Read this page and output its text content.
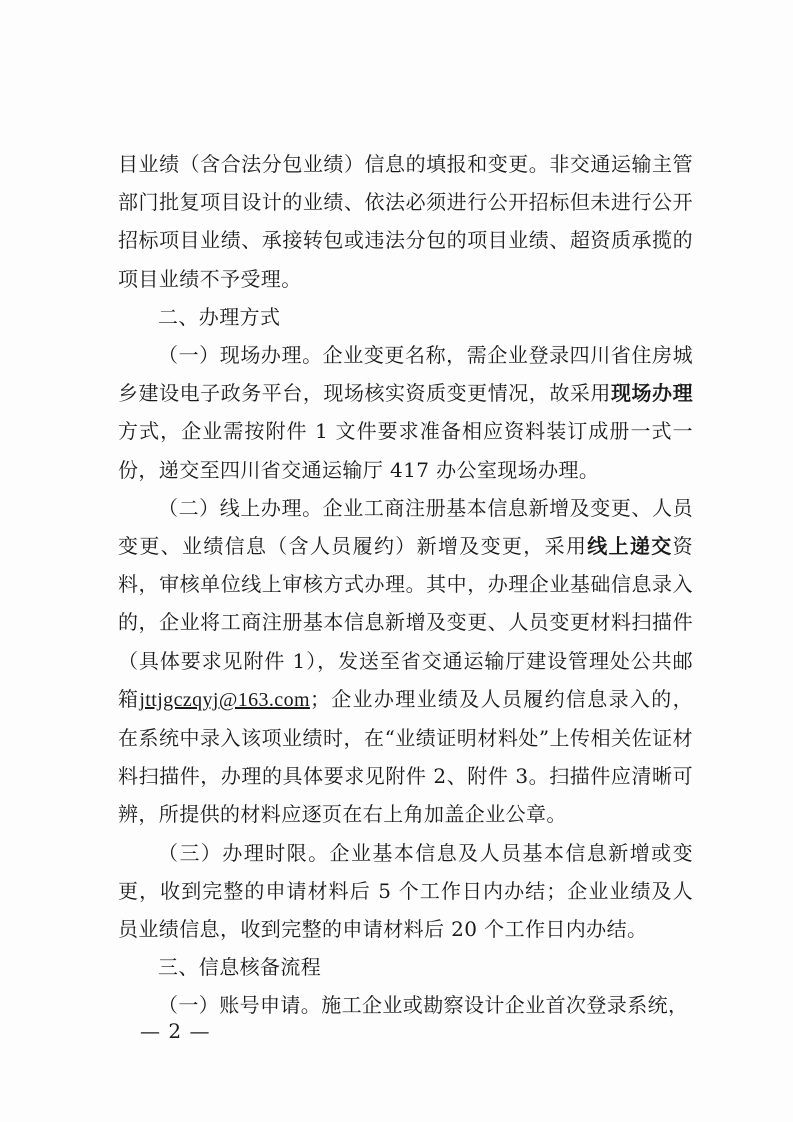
目业绩（含合法分包业绩）信息的填报和变更。非交通运输主管部门批复项目设计的业绩、依法必须进行公开招标但未进行公开招标项目业绩、承接转包或违法分包的项目业绩、超资质承揽的项目业绩不予受理。

二、办理方式

（一）现场办理。企业变更名称，需企业登录四川省住房城乡建设电子政务平台，现场核实资质变更情况，故采用现场办理方式，企业需按附件 1 文件要求准备相应资料装订成册一式一份，递交至四川省交通运输厅 417 办公室现场办理。

（二）线上办理。企业工商注册基本信息新增及变更、人员变更、业绩信息（含人员履约）新增及变更，采用线上递交资料，审核单位线上审核方式办理。其中，办理企业基础信息录入的，企业将工商注册基本信息新增及变更、人员变更材料扫描件（具体要求见附件 1），发送至省交通运输厅建设管理处公共邮箱jttjgczqyj@163.com；企业办理业绩及人员履约信息录入的，在系统中录入该项业绩时，在“业绩证明材料处”上传相关佐证材料扫描件，办理的具体要求见附件 2、附件 3。扫描件应清晰可辨，所提供的材料应逐页在右上角加盖企业公章。

（三）办理时限。企业基本信息及人员基本信息新增或变更，收到完整的申请材料后 5 个工作日内办结；企业业绩及人员业绩信息，收到完整的申请材料后 20 个工作日内办结。

三、信息核备流程

（一）账号申请。施工企业或勘察设计企业首次登录系统，

— 2 —
